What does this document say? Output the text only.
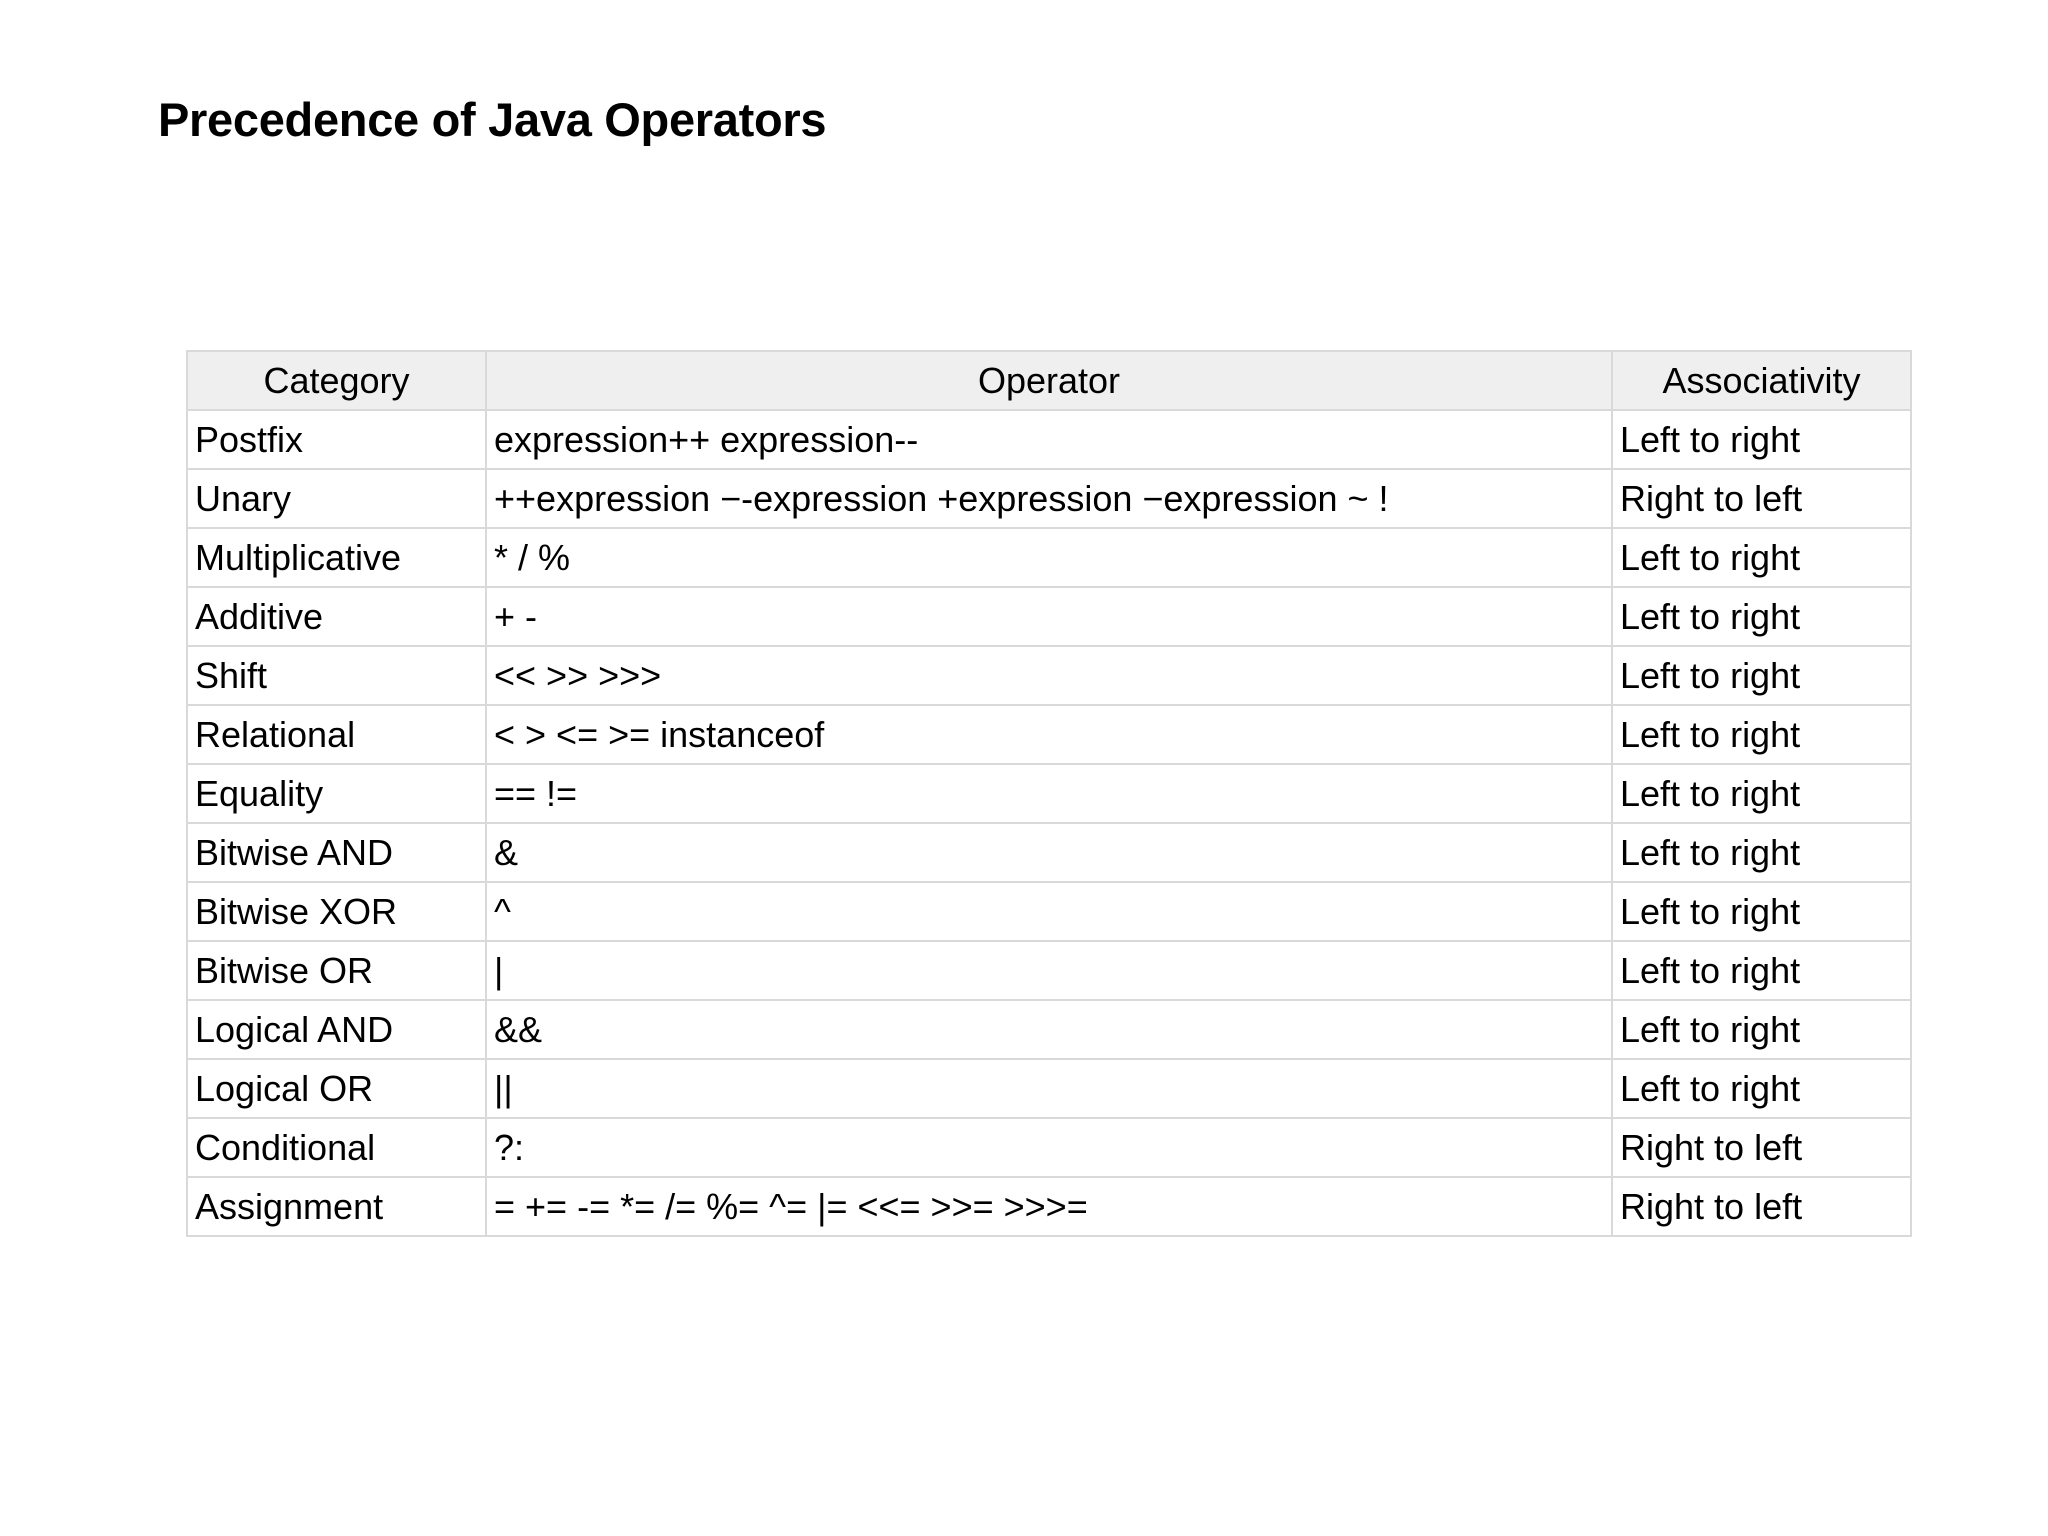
Precedence of Java Operators
Category	Operator	Associativity
Postfix	expression++ expression--	Left to right
Unary	++expression −-expression +expression −expression ~ !	Right to left
Multiplicative	* / %	Left to right
Additive	+ -	Left to right
Shift	<< >> >>>	Left to right
Relational	< > <= >= instanceof	Left to right
Equality	== !=	Left to right
Bitwise AND	&	Left to right
Bitwise XOR	^	Left to right
Bitwise OR	|	Left to right
Logical AND	&&	Left to right
Logical OR	||	Left to right
Conditional	?:	Right to left
Assignment	= += -= *= /= %= ^= |= <<= >>= >>>=	Right to left
